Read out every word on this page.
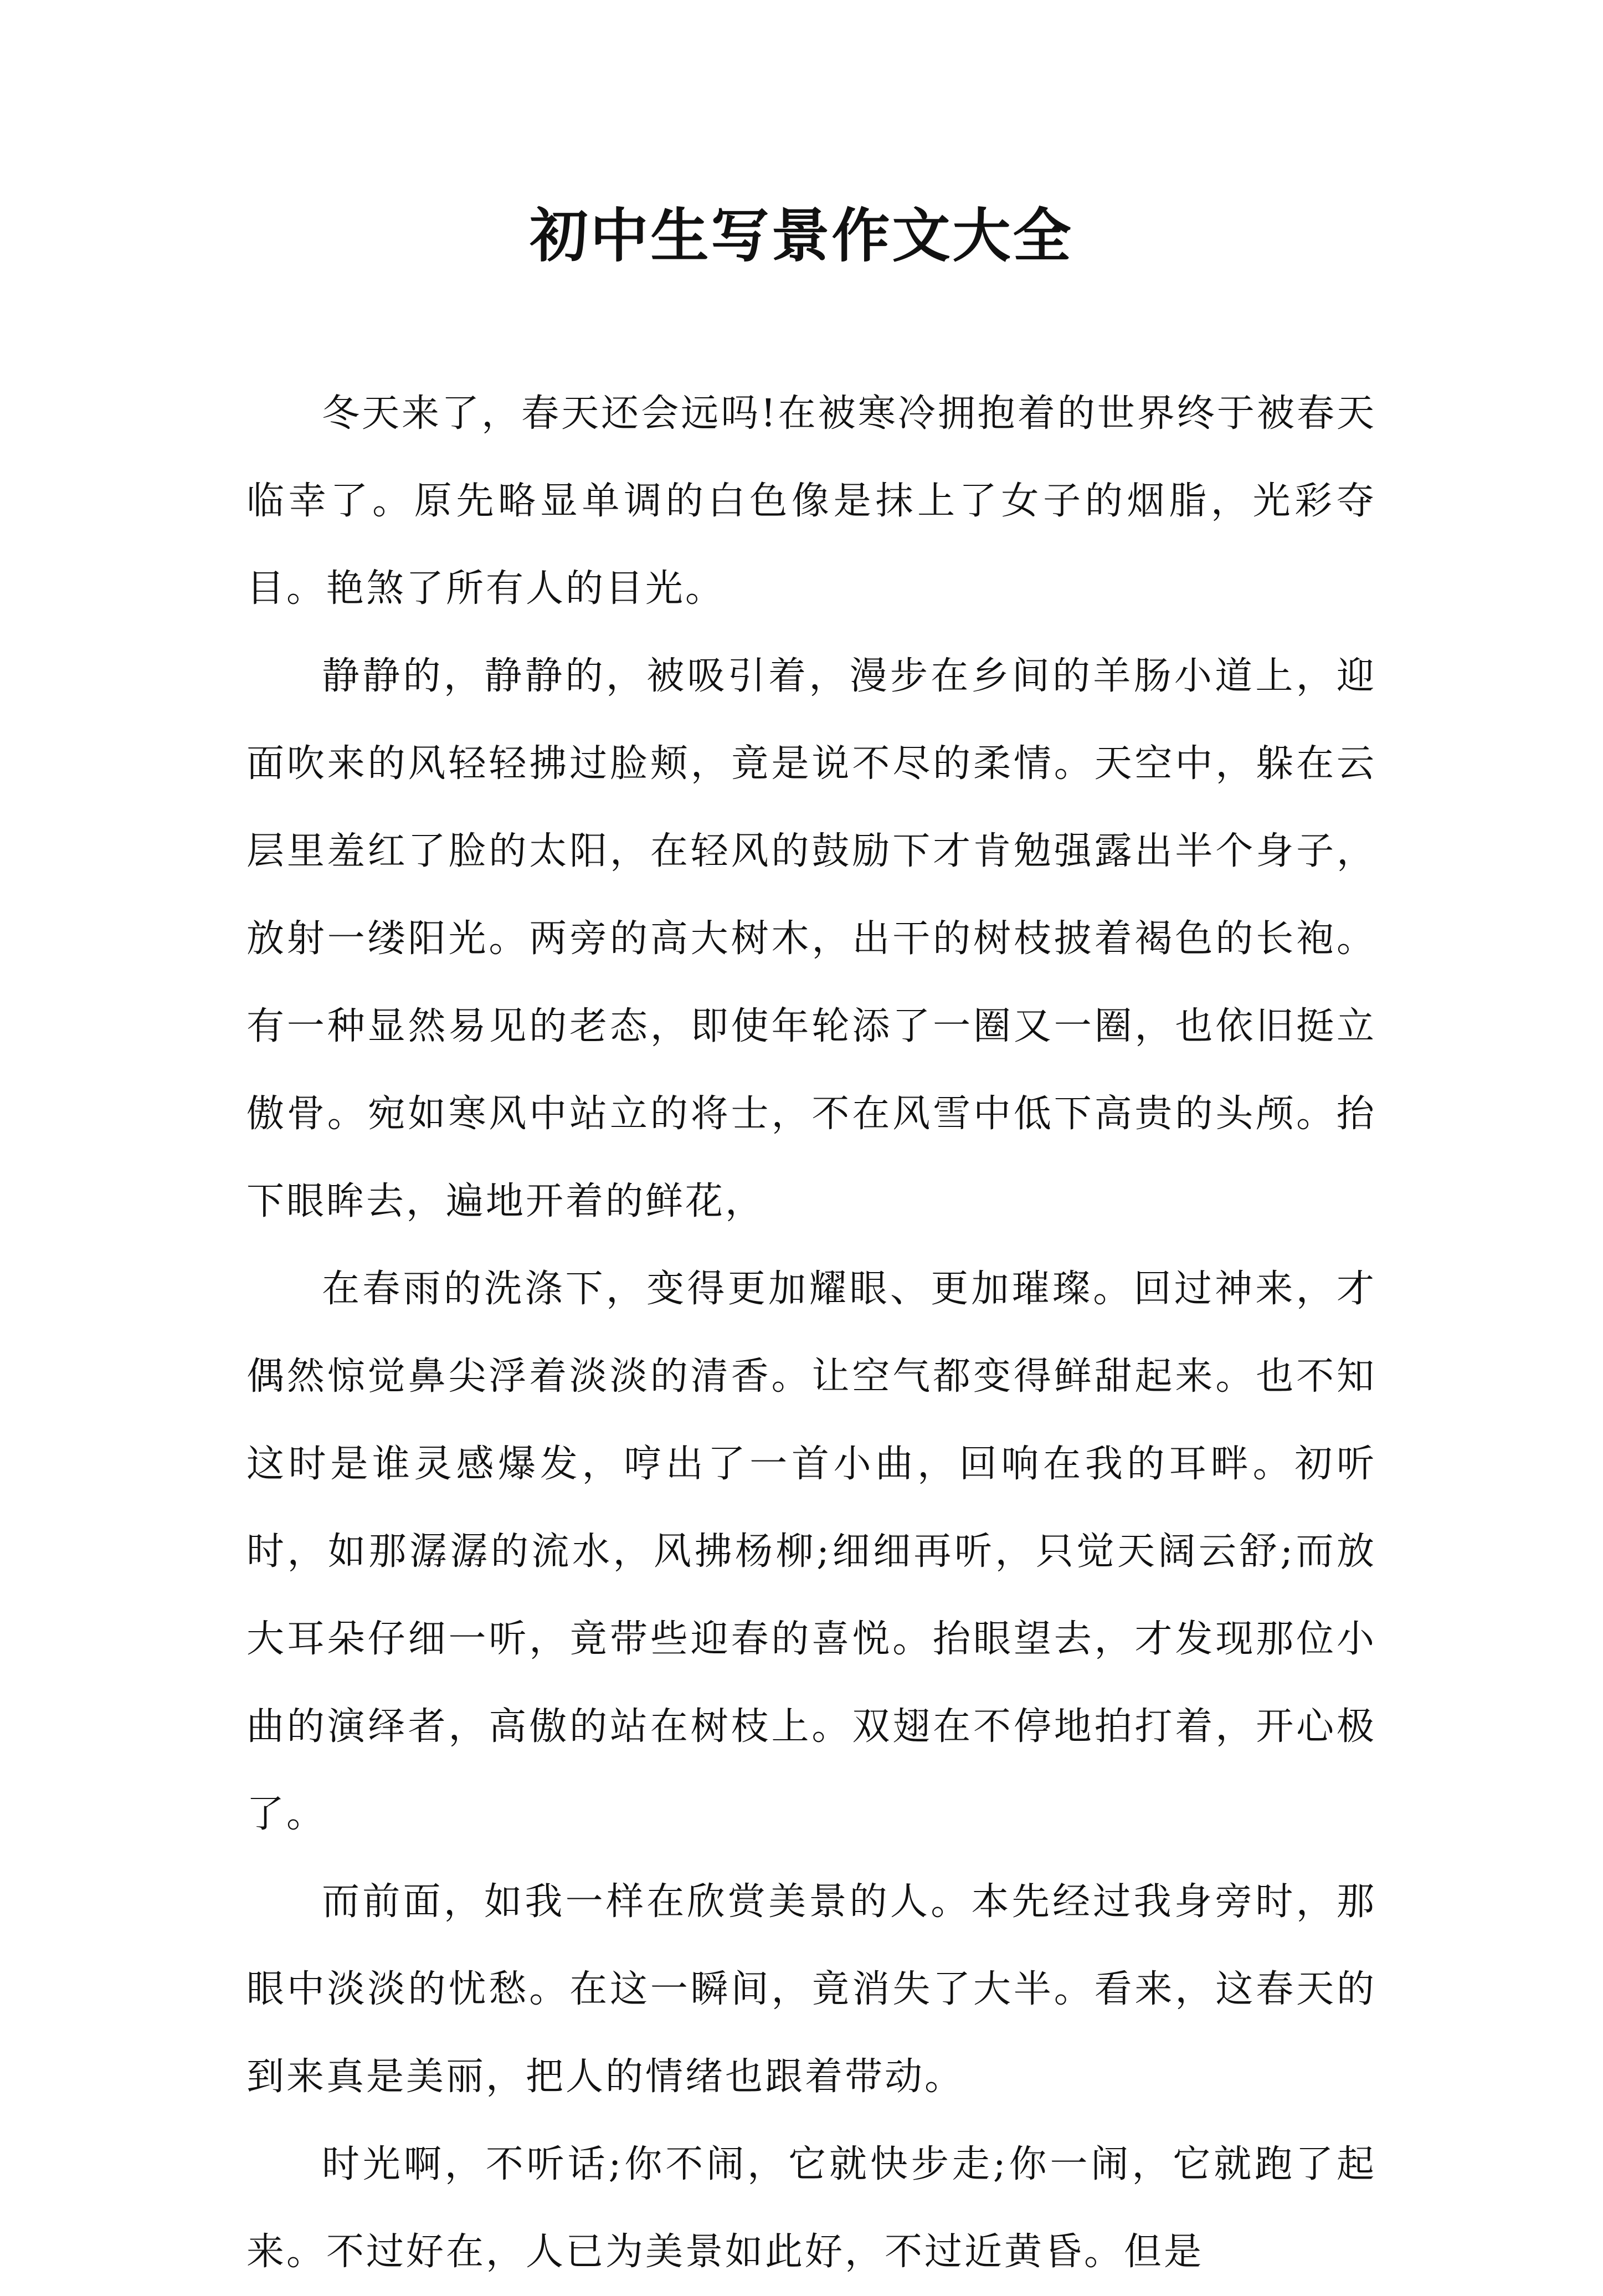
初中生写景作文大全

冬天来了，春天还会远吗!在被寒冷拥抱着的世界终于被春天临幸了。原先略显单调的白色像是抹上了女子的烟脂，光彩夺目。艳煞了所有人的目光。

静静的，静静的，被吸引着，漫步在乡间的羊肠小道上，迎面吹来的风轻轻拂过脸颊，竟是说不尽的柔情。天空中，躲在云层里羞红了脸的太阳，在轻风的鼓励下才肯勉强露出半个身子，放射一缕阳光。两旁的高大树木，出干的树枝披着褐色的长袍。有一种显然易见的老态，即使年轮添了一圈又一圈，也依旧挺立傲骨。宛如寒风中站立的将士，不在风雪中低下高贵的头颅。抬下眼眸去，遍地开着的鲜花，

在春雨的洗涤下，变得更加耀眼、更加璀璨。回过神来，才偶然惊觉鼻尖浮着淡淡的清香。让空气都变得鲜甜起来。也不知这时是谁灵感爆发，哼出了一首小曲，回响在我的耳畔。初听时，如那潺潺的流水，风拂杨柳;细细再听，只觉天阔云舒;而放大耳朵仔细一听，竟带些迎春的喜悦。抬眼望去，才发现那位小曲的演绎者，高傲的站在树枝上。双翅在不停地拍打着，开心极了。

而前面，如我一样在欣赏美景的人。本先经过我身旁时，那眼中淡淡的忧愁。在这一瞬间，竟消失了大半。看来，这春天的到来真是美丽，把人的情绪也跟着带动。

时光啊，不听话;你不闹，它就快步走;你一闹，它就跑了起来。不过好在，人已为美景如此好，不过近黄昏。但是
